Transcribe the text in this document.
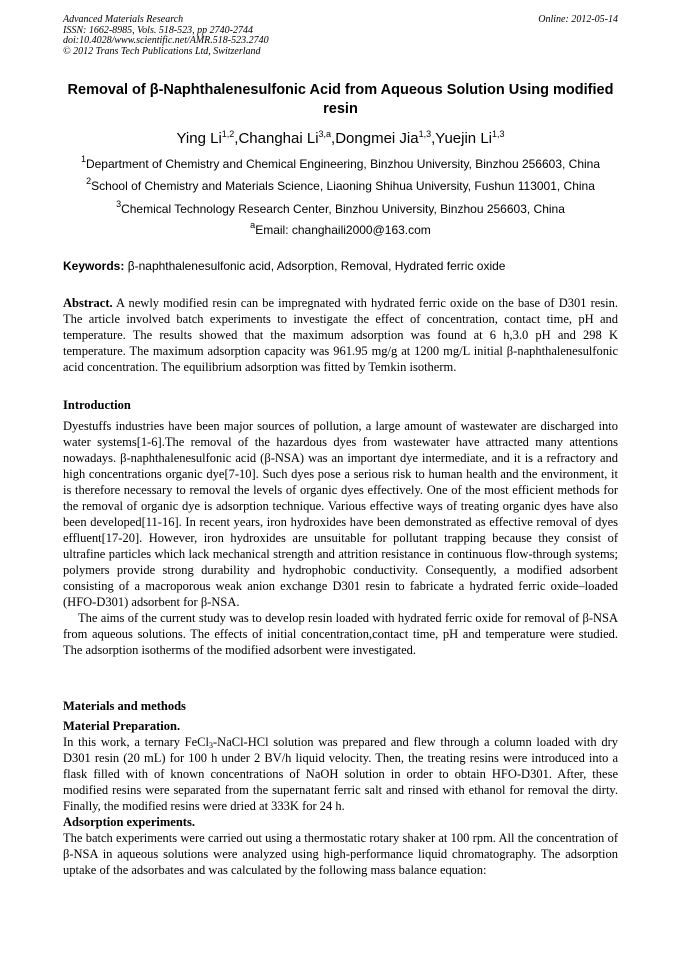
Advanced Materials Research
ISSN: 1662-8985, Vols. 518-523, pp 2740-2744
doi:10.4028/www.scientific.net/AMR.518-523.2740
© 2012 Trans Tech Publications Ltd, Switzerland
Online: 2012-05-14
Removal of β-Naphthalenesulfonic Acid from Aqueous Solution Using modified resin
Ying Li$^{1,2}$,Changhai Li$^{3,a}$,Dongmei Jia$^{1,3}$,Yuejin Li$^{1,3}$
$^1$Department of Chemistry and Chemical Engineering, Binzhou University, Binzhou 256603, China
$^2$School of Chemistry and Materials Science, Liaoning Shihua University, Fushun 113001, China
$^3$Chemical Technology Research Center, Binzhou University, Binzhou 256603, China
$^a$Email: changhaili2000@163.com
Keywords: β-naphthalenesulfonic acid, Adsorption, Removal, Hydrated ferric oxide
Abstract. A newly modified resin can be impregnated with hydrated ferric oxide on the base of D301 resin. The article involved batch experiments to investigate the effect of concentration, contact time, pH and temperature. The results showed that the maximum adsorption was found at 6 h,3.0 pH and 298 K temperature. The maximum adsorption capacity was 961.95 mg/g at 1200 mg/L initial β-naphthalenesulfonic acid concentration. The equilibrium adsorption was fitted by Temkin isotherm.
Introduction

Dyestuffs industries have been major sources of pollution, a large amount of wastewater are discharged into water systems[1-6].The removal of the hazardous dyes from wastewater have attracted many attentions nowadays. β-naphthalenesulfonic acid (β-NSA) was an important dye intermediate, and it is a refractory and high concentrations organic dye[7-10]. Such dyes pose a serious risk to human health and the environment, it is therefore necessary to removal the levels of organic dyes effectively. One of the most efficient methods for the removal of organic dye is adsorption technique. Various effective ways of treating organic dyes have also been developed[11-16]. In recent years, iron hydroxides have been demonstrated as effective removal of dyes effluent[17-20]. However, iron hydroxides are unsuitable for pollutant trapping because they consist of ultrafine particles which lack mechanical strength and attrition resistance in continuous flow-through systems; polymers provide strong durability and hydrophobic conductivity. Consequently, a modified adsorbent consisting of a macroporous weak anion exchange D301 resin to fabricate a hydrated ferric oxide–loaded (HFO-D301) adsorbent for β-NSA.

The aims of the current study was to develop resin loaded with hydrated ferric oxide for removal of β-NSA from aqueous solutions. The effects of initial concentration,contact time, pH and temperature were studied. The adsorption isotherms of the modified adsorbent were investigated.

Materials and methods

Material Preparation.

In this work, a ternary FeCl$_3$-NaCl-HCl solution was prepared and flew through a column loaded with dry D301 resin (20 mL) for 100 h under 2 BV/h liquid velocity. Then, the treating resins were introduced into a flask filled with of known concentrations of NaOH solution in order to obtain HFO-D301. After, these modified resins were separated from the supernatant ferric salt and rinsed with ethanol for removal the dirty. Finally, the modified resins were dried at 333K for 24 h.

Adsorption experiments.

The batch experiments were carried out using a thermostatic rotary shaker at 100 rpm. All the concentration of β-NSA in aqueous solutions were analyzed using high-performance liquid chromatography. The adsorption uptake of the adsorbates and was calculated by the following mass balance equation:
